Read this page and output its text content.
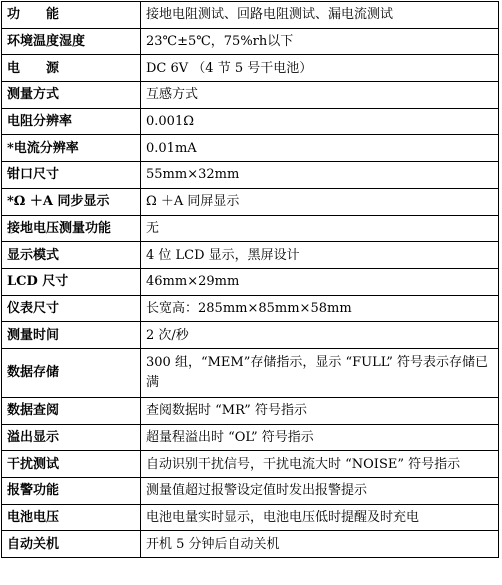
功　　能	接地电阻测试、回路电阻测试、漏电流测试
环境温度湿度	23℃±5℃，75%rh以下
电　　源	DC 6V （4 节 5 号干电池）
测量方式	互感方式
电阻分辨率	0.001Ω
*电流分辨率	0.01mA
钳口尺寸	55mm×32mm
*Ω ＋A 同步显示	Ω ＋A 同屏显示
接地电压测量功能	无
显示模式	4 位 LCD 显示，黑屏设计
LCD 尺寸	46mm×29mm
仪表尺寸	长宽高：285mm×85mm×58mm
测量时间	2 次/秒
数据存储	300 组，“MEM”存储指示，显示 “FULL” 符号表示存储已满
数据查阅	查阅数据时 “MR” 符号指示
溢出显示	超量程溢出时 “OL” 符号指示
干扰测试	自动识别干扰信号，干扰电流大时 “NOISE” 符号指示
报警功能	测量值超过报警设定值时发出报警提示
电池电压	电池电量实时显示，电池电压低时提醒及时充电
自动关机	开机 5 分钟后自动关机
